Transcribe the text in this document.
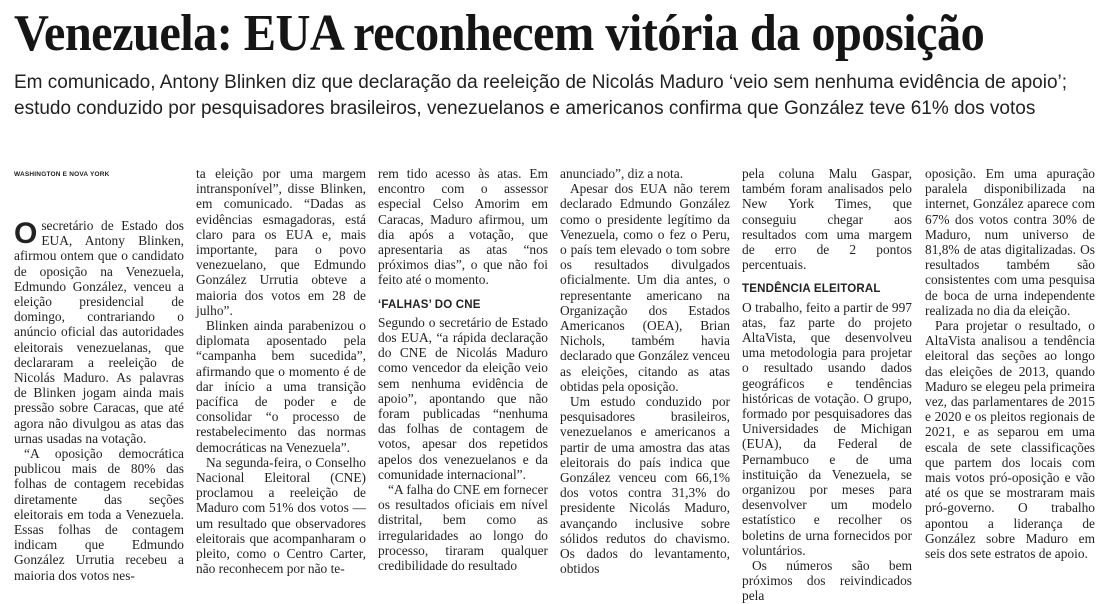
Venezuela: EUA reconhecem vitória da oposição
Em comunicado, Antony Blinken diz que declaração da reeleição de Nicolás Maduro ‘veio sem nenhuma evidência de apoio’;
estudo conduzido por pesquisadores brasileiros, venezuelanos e americanos confirma que González teve 61% dos votos
WASHINGTON E NOVA YORK
O secretário de Estado dos EUA, Antony Blinken, afirmou ontem que o candidato de oposição na Venezuela, Edmundo González, venceu a eleição presidencial de domingo, contrariando o anúncio oficial das autoridades eleitorais venezuelanas, que declararam a reeleição de Nicolás Maduro. As palavras de Blinken jogam ainda mais pressão sobre Caracas, que até agora não divulgou as atas das urnas usadas na votação.

“A oposição democrática publicou mais de 80% das folhas de contagem recebidas diretamente das seções eleitorais em toda a Venezuela. Essas folhas de contagem indicam que Edmundo González Urrutia recebeu a maioria dos votos nes-

ta eleição por uma margem intransponível”, disse Blinken, em comunicado. “Dadas as evidências esmagadoras, está claro para os EUA e, mais importante, para o povo venezuelano, que Edmundo González Urrutia obteve a maioria dos votos em 28 de julho”.

Blinken ainda parabenizou o diplomata aposentado pela “campanha bem sucedida”, afirmando que o momento é de dar início a uma transição pacífica de poder e de consolidar “o processo de restabelecimento das normas democráticas na Venezuela”.

Na segunda-feira, o Conselho Nacional Eleitoral (CNE) proclamou a reeleição de Maduro com 51% dos votos — um resultado que observadores eleitorais que acompanharam o pleito, como o Centro Carter, não reconhecem por não te-

rem tido acesso às atas. Em encontro com o assessor especial Celso Amorim em Caracas, Maduro afirmou, um dia após a votação, que apresentaria as atas “nos próximos dias”, o que não foi feito até o momento.

‘FALHAS’ DO CNE

Segundo o secretário de Estado dos EUA, “a rápida declaração do CNE de Nicolás Maduro como vencedor da eleição veio sem nenhuma evidência de apoio”, apontando que não foram publicadas “nenhuma das folhas de contagem de votos, apesar dos repetidos apelos dos venezuelanos e da comunidade internacional”.

“A falha do CNE em fornecer os resultados oficiais em nível distrital, bem como as irregularidades ao longo do processo, tiraram qualquer credibilidade do resultado

anunciado”, diz a nota.

Apesar dos EUA não terem declarado Edmundo González como o presidente legítimo da Venezuela, como o fez o Peru, o país tem elevado o tom sobre os resultados divulgados oficialmente. Um dia antes, o representante americano na Organização dos Estados Americanos (OEA), Brian Nichols, também havia declarado que González venceu as eleições, citando as atas obtidas pela oposição.

Um estudo conduzido por pesquisadores brasileiros, venezuelanos e americanos a partir de uma amostra das atas eleitorais do país indica que González venceu com 66,1% dos votos contra 31,3% do presidente Nicolás Maduro, avançando inclusive sobre sólidos redutos do chavismo. Os dados do levantamento, obtidos

pela coluna Malu Gaspar, também foram analisados pelo New York Times, que conseguiu chegar aos resultados com uma margem de erro de 2 pontos percentuais.

TENDÊNCIA ELEITORAL

O trabalho, feito a partir de 997 atas, faz parte do projeto AltaVista, que desenvolveu uma metodologia para projetar o resultado usando dados geográficos e tendências históricas de votação. O grupo, formado por pesquisadores das Universidades de Michigan (EUA), da Federal de Pernambuco e de uma instituição da Venezuela, se organizou por meses para desenvolver um modelo estatístico e recolher os boletins de urna fornecidos por voluntários.

Os números são bem próximos dos reivindicados pela

oposição. Em uma apuração paralela disponibilizada na internet, González aparece com 67% dos votos contra 30% de Maduro, num universo de 81,8% de atas digitalizadas. Os resultados também são consistentes com uma pesquisa de boca de urna independente realizada no dia da eleição.

Para projetar o resultado, o AltaVista analisou a tendência eleitoral das seções ao longo das eleições de 2013, quando Maduro se elegeu pela primeira vez, das parlamentares de 2015 e 2020 e os pleitos regionais de 2021, e as separou em uma escala de sete classificações que partem dos locais com mais votos pró-oposição e vão até os que se mostraram mais pró-governo. O trabalho apontou a liderança de González sobre Maduro em seis dos sete estratos de apoio.
